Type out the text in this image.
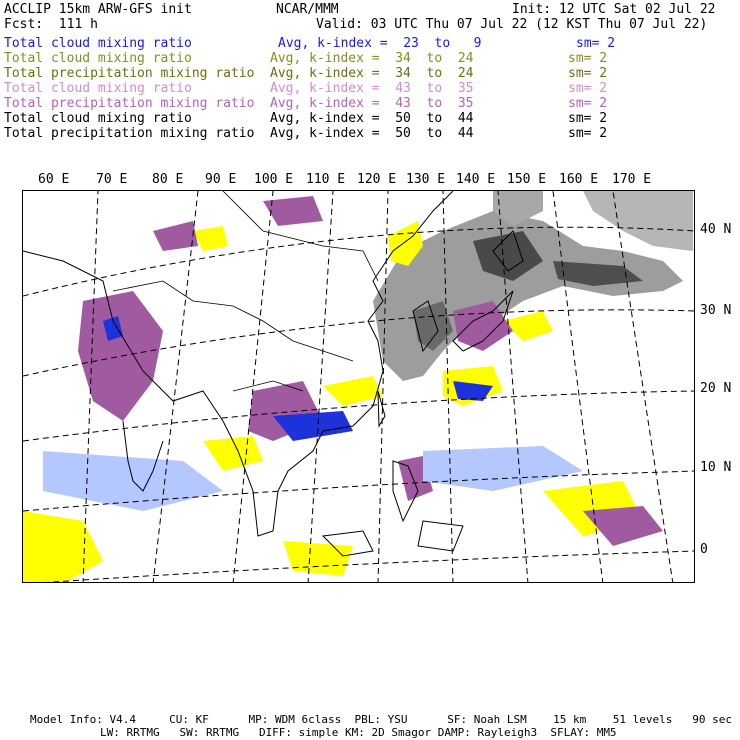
ACCLIP 15km ARW-GFS init	NCAR/MMM	Init: 12 UTC Sat 02 Jul 22
Fcst:  111 h	Valid: 03 UTC Thu 07 Jul 22 (12 KST Thu 07 Jul 22)
Total cloud mixing ratio	Avg, k-index =  23  to   9	sm= 2
Total cloud mixing ratio	Avg, k-index =  34  to  24	sm= 2
Total precipitation mixing ratio Avg, k-index =  34  to  24	sm= 2
Total cloud mixing ratio	Avg, k-index =  43  to  35	sm= 2
Total precipitation mixing ratio Avg, k-index =  43  to  35	sm= 2
Total cloud mixing ratio	Avg, k-index =  50  to  44	sm= 2
Total precipitation mixing ratio Avg, k-index =  50  to  44	sm= 2
60 E 70 E 80 E 90 E 100 E 110 E 120 E 130 E 140 E 150 E 160 E 170 E
40 N
30 N
20 N
10 N
0
Model Info: V4.4     CU: KF      MP: WDM 6class  PBL: YSU      SF: Noah LSM    15 km    51 levels   90 sec
LW: RRTMG   SW: RRTMG   DIFF: simple KM: 2D Smagor DAMP: Rayleigh3  SFLAY: MM5
